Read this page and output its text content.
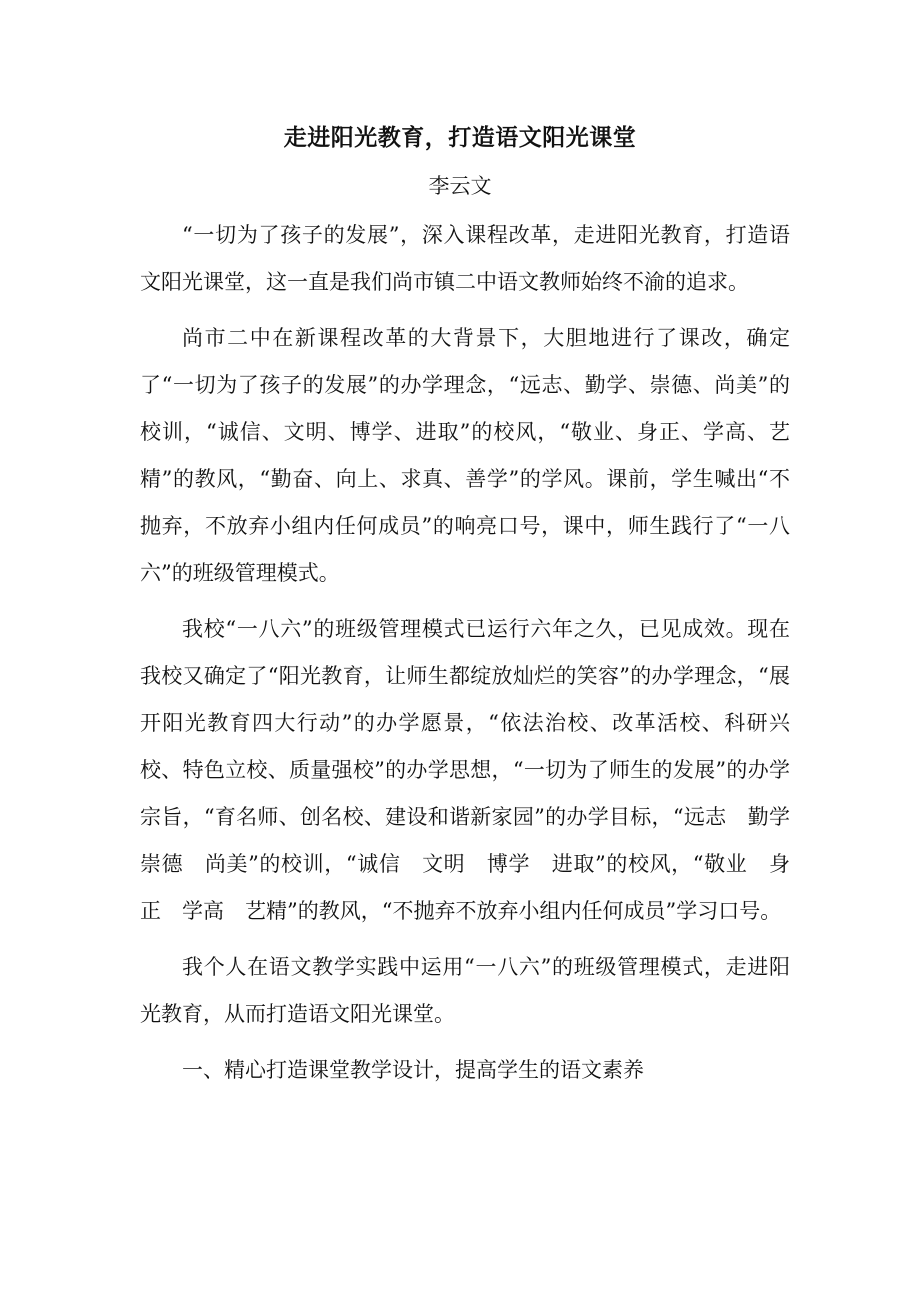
走进阳光教育，打造语文阳光课堂
李云文

“一切为了孩子的发展”，深入课程改革，走进阳光教育，打造语文阳光课堂，这一直是我们尚市镇二中语文教师始终不渝的追求。

尚市二中在新课程改革的大背景下，大胆地进行了课改，确定了“一切为了孩子的发展”的办学理念，“远志、勤学、崇德、尚美”的校训，“诚信、文明、博学、进取”的校风，“敬业、身正、学高、艺精”的教风，“勤奋、向上、求真、善学”的学风。课前，学生喊出“不抛弃，不放弃小组内任何成员”的响亮口号，课中，师生践行了“一八六”的班级管理模式。

我校“一八六”的班级管理模式已运行六年之久，已见成效。现在我校又确定了“阳光教育，让师生都绽放灿烂的笑容”的办学理念，“展开阳光教育四大行动”的办学愿景，“依法治校、改革活校、科研兴校、特色立校、质量强校”的办学思想，“一切为了师生的发展”的办学宗旨，“育名师、创名校、建设和谐新家园”的办学目标，“远志　勤学　崇德　尚美”的校训，“诚信　文明　博学　进取”的校风，“敬业　身正　学高　艺精”的教风，“不抛弃不放弃小组内任何成员”学习口号。

我个人在语文教学实践中运用“一八六”的班级管理模式，走进阳光教育，从而打造语文阳光课堂。

一、精心打造课堂教学设计，提高学生的语文素养
